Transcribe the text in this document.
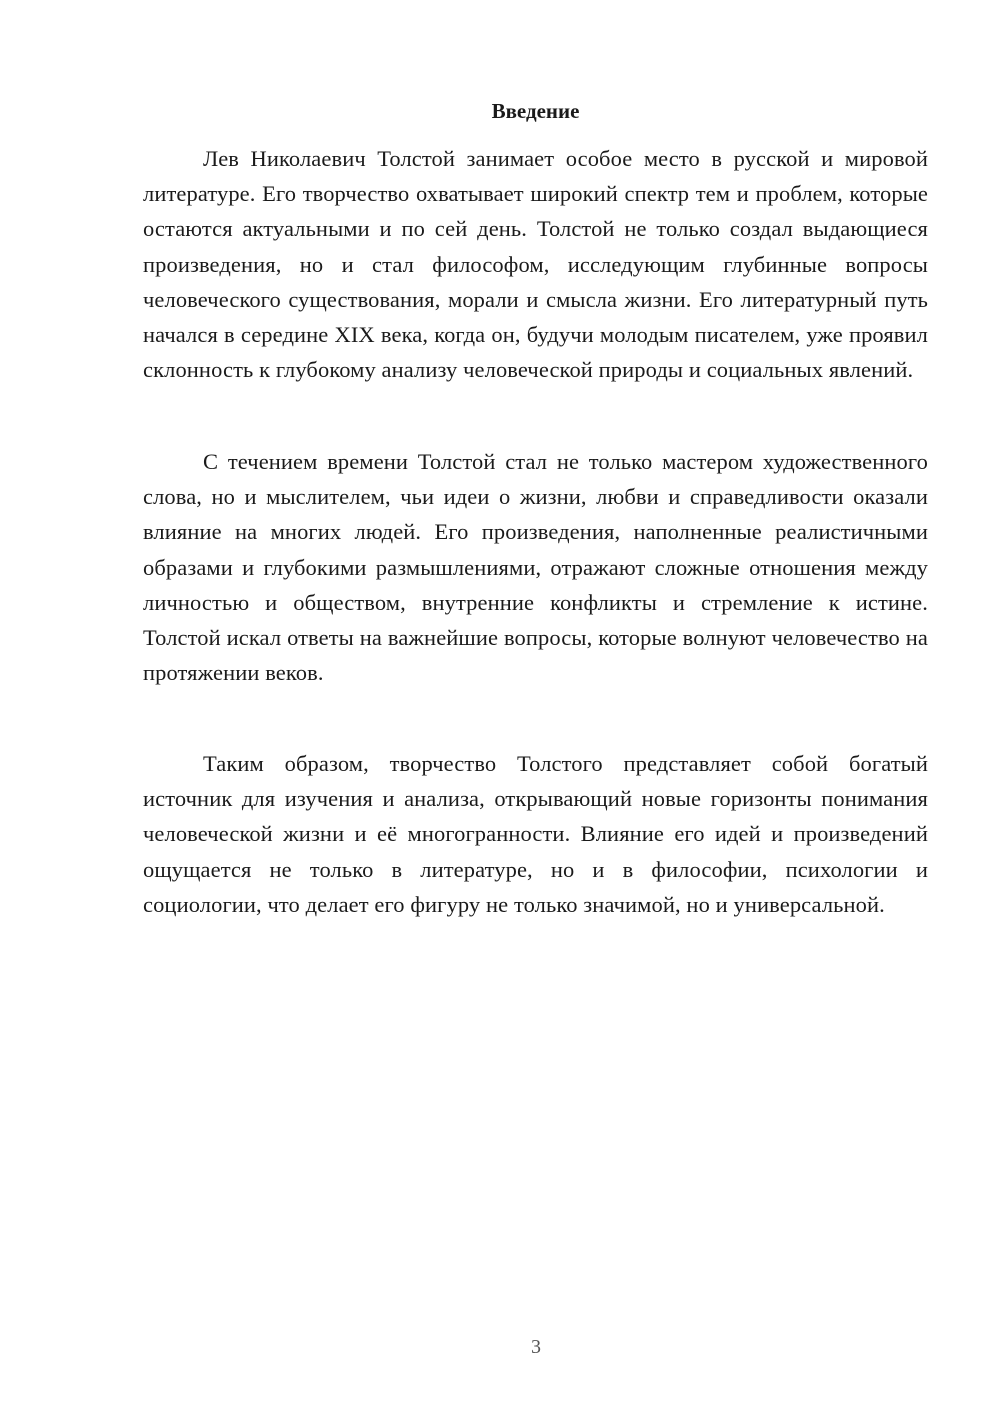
Введение

Лев Николаевич Толстой занимает особое место в русской и мировой литературе. Его творчество охватывает широкий спектр тем и проблем, которые остаются актуальными и по сей день. Толстой не только создал выдающиеся произведения, но и стал философом, исследующим глубинные вопросы человеческого существования, морали и смысла жизни. Его литературный путь начался в середине XIX века, когда он, будучи молодым писателем, уже проявил склонность к глубокому анализу человеческой природы и социальных явлений.

С течением времени Толстой стал не только мастером художественного слова, но и мыслителем, чьи идеи о жизни, любви и справедливости оказали влияние на многих людей. Его произведения, наполненные реалистичными образами и глубокими размышлениями, отражают сложные отношения между личностью и обществом, внутренние конфликты и стремление к истине. Толстой искал ответы на важнейшие вопросы, которые волнуют человечество на протяжении веков.

Таким образом, творчество Толстого представляет собой богатый источник для изучения и анализа, открывающий новые горизонты понимания человеческой жизни и её многогранности. Влияние его идей и произведений ощущается не только в литературе, но и в философии, психологии и социологии, что делает его фигуру не только значимой, но и универсальной.

3
